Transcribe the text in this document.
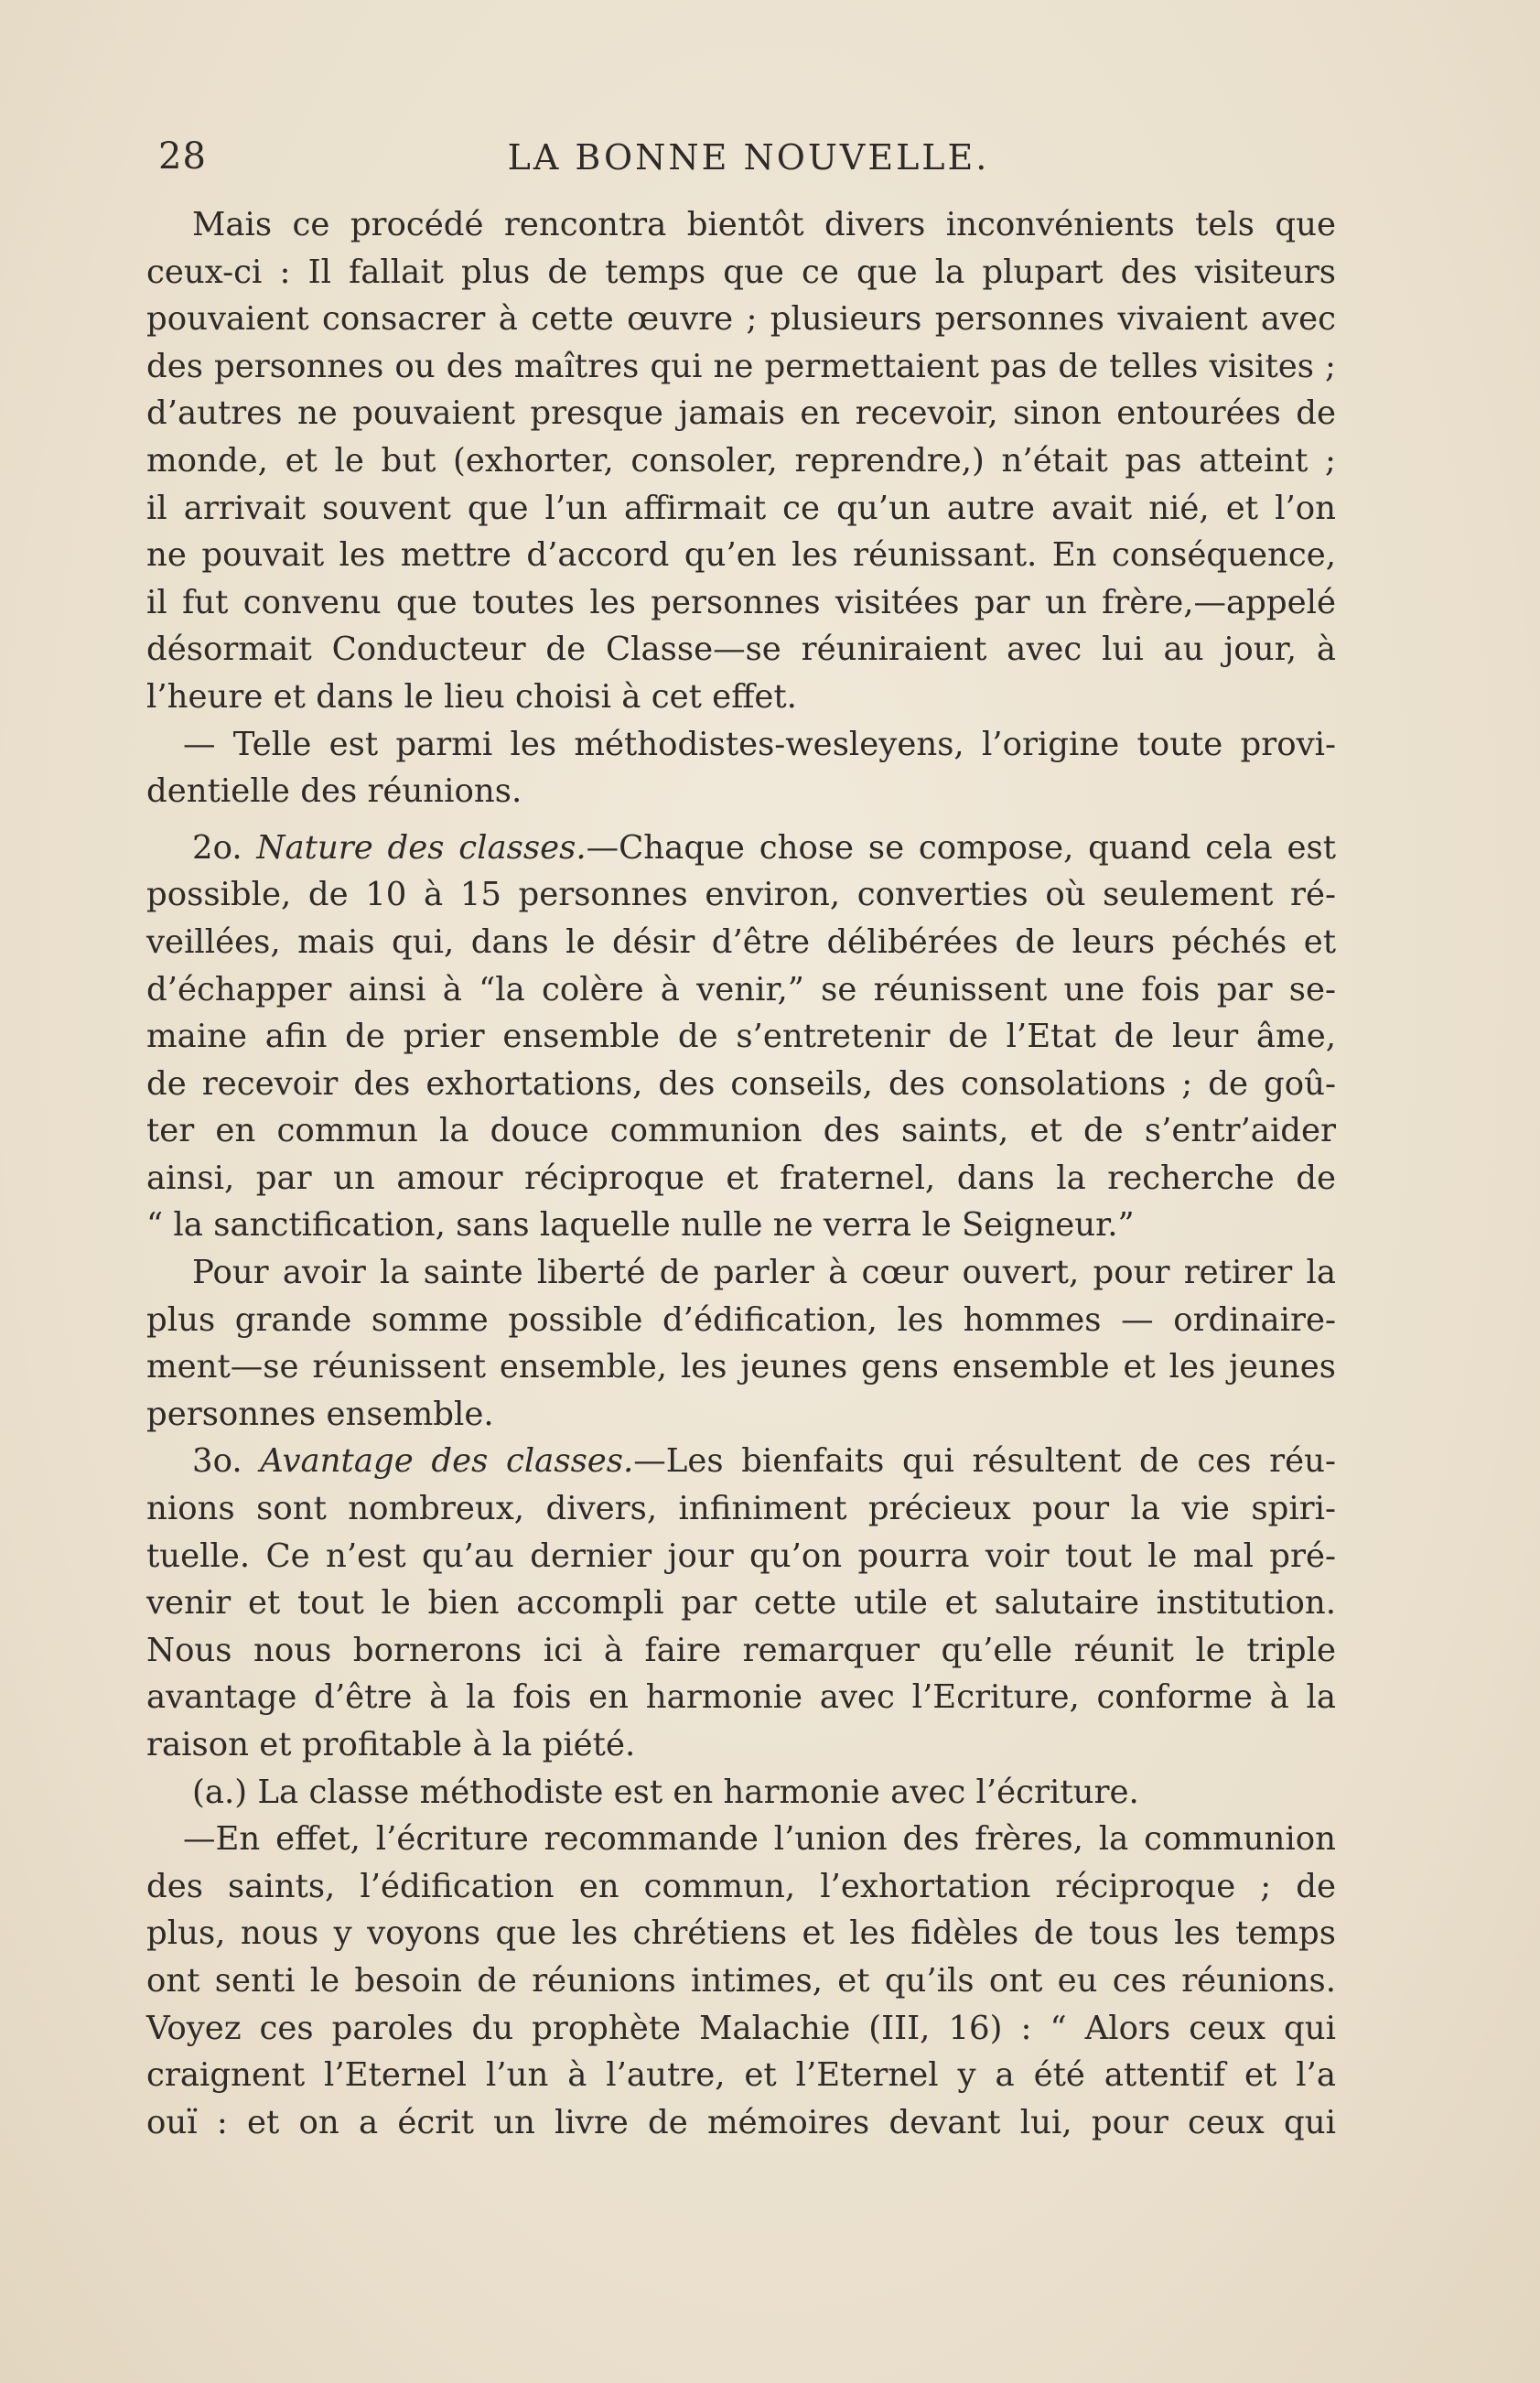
28	LA BONNE NOUVELLE.
Mais ce procédé rencontra bientôt divers inconvénients tels que
ceux-ci : Il fallait plus de temps que ce que la plupart des visiteurs
pouvaient consacrer à cette œuvre ; plusieurs personnes vivaient avec
des personnes ou des maîtres qui ne permettaient pas de telles visites ;
d’autres ne pouvaient presque jamais en recevoir, sinon entourées de
monde, et le but (exhorter, consoler, reprendre,) n’était pas atteint ;
il arrivait souvent que l’un affirmait ce qu’un autre avait nié, et l’on
ne pouvait les mettre d’accord qu’en les réunissant. En conséquence,
il fut convenu que toutes les personnes visitées par un frère,—appelé
désormait Conducteur de Classe—se réuniraient avec lui au jour, à
l’heure et dans le lieu choisi à cet effet.
— Telle est parmi les méthodistes-wesleyens, l’origine toute provi-
dentielle des réunions.
2o. Nature des classes.—Chaque chose se compose, quand cela est
possible, de 10 à 15 personnes environ, converties où seulement ré-
veillées, mais qui, dans le désir d’être délibérées de leurs péchés et
d’échapper ainsi à “la colère à venir,” se réunissent une fois par se-
maine afin de prier ensemble de s’entretenir de l’Etat de leur âme,
de recevoir des exhortations, des conseils, des consolations ; de goû-
ter en commun la douce communion des saints, et de s’entr’aider
ainsi, par un amour réciproque et fraternel, dans la recherche de
“ la sanctification, sans laquelle nulle ne verra le Seigneur.”
Pour avoir la sainte liberté de parler à cœur ouvert, pour retirer la
plus grande somme possible d’édification, les hommes — ordinaire-
ment—se réunissent ensemble, les jeunes gens ensemble et les jeunes
personnes ensemble.
3o. Avantage des classes.—Les bienfaits qui résultent de ces réu-
nions sont nombreux, divers, infiniment précieux pour la vie spiri-
tuelle. Ce n’est qu’au dernier jour qu’on pourra voir tout le mal pré-
venir et tout le bien accompli par cette utile et salutaire institution.
Nous nous bornerons ici à faire remarquer qu’elle réunit le triple
avantage d’être à la fois en harmonie avec l’Ecriture, conforme à la
raison et profitable à la piété.
(a.) La classe méthodiste est en harmonie avec l’écriture.
—En effet, l’écriture recommande l’union des frères, la communion
des saints, l’édification en commun, l’exhortation réciproque ; de
plus, nous y voyons que les chrétiens et les fidèles de tous les temps
ont senti le besoin de réunions intimes, et qu’ils ont eu ces réunions.
Voyez ces paroles du prophète Malachie (III, 16) : “ Alors ceux qui
craignent l’Eternel l’un à l’autre, et l’Eternel y a été attentif et l’a
ouï : et on a écrit un livre de mémoires devant lui, pour ceux qui
